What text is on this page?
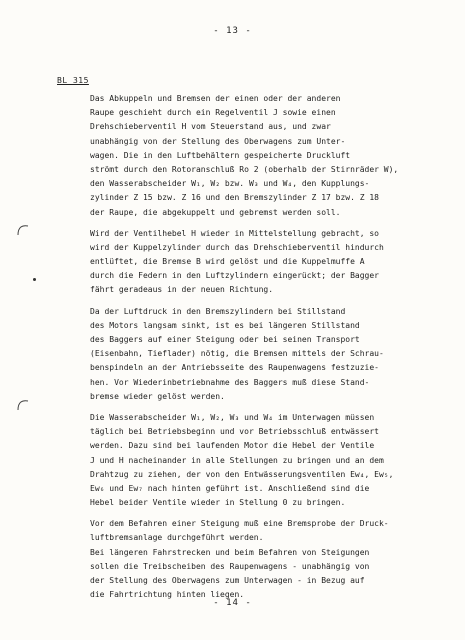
- 13 -
BL 315
Das Abkuppeln und Bremsen der einen oder der anderen
Raupe geschieht durch ein Regelventil J sowie einen
Drehschieberventil H vom Steuerstand aus, und zwar
unabhängig von der Stellung des Oberwagens zum Unter-
wagen. Die in den Luftbehältern gespeicherte Druckluft
strömt durch den Rotoranschluß Ro 2 (oberhalb der Stirnräder W),
den Wasserabscheider W₁, W₂ bzw. W₃ und W₄, den Kupplungs-
zylinder Z 15 bzw. Z 16 und den Bremszylinder Z 17 bzw. Z 18
der Raupe, die abgekuppelt und gebremst werden soll.
Wird der Ventilhebel H wieder in Mittelstellung gebracht, so
wird der Kuppelzylinder durch das Drehschieberventil hindurch
entlüftet, die Bremse B wird gelöst und die Kuppelmuffe A
durch die Federn in den Luftzylindern eingerückt; der Bagger
fährt geradeaus in der neuen Richtung.
Da der Luftdruck in den Bremszylindern bei Stillstand
des Motors langsam sinkt, ist es bei längeren Stillstand
des Baggers auf einer Steigung oder bei seinen Transport
(Eisenbahn, Tieflader) nötig, die Bremsen mittels der Schrau-
benspindeln an der Antriebsseite des Raupenwagens festzuzie-
hen. Vor Wiederinbetriebnahme des Baggers muß diese Stand-
bremse wieder gelöst werden.
Die Wasserabscheider W₁, W₂, W₃ und W₄ im Unterwagen müssen
täglich bei Betriebsbeginn und vor Betriebsschluß entwässert
werden. Dazu sind bei laufenden Motor die Hebel der Ventile
J und H nacheinander in alle Stellungen zu bringen und an dem
Drahtzug zu ziehen, der von den Entwässerungsventilen Ew₄, Ew₅,
Ew₆ und Ew₇ nach hinten geführt ist. Anschließend sind die
Hebel beider Ventile wieder in Stellung 0 zu bringen.
Vor dem Befahren einer Steigung muß eine Bremsprobe der Druck-
luftbremsanlage durchgeführt werden.
Bei längeren Fahrstrecken und beim Befahren von Steigungen
sollen die Treibscheiben des Raupenwagens - unabhängig von
der Stellung des Oberwagens zum Unterwagen - in Bezug auf
die Fahrtrichtung hinten liegen.
- 14 -
